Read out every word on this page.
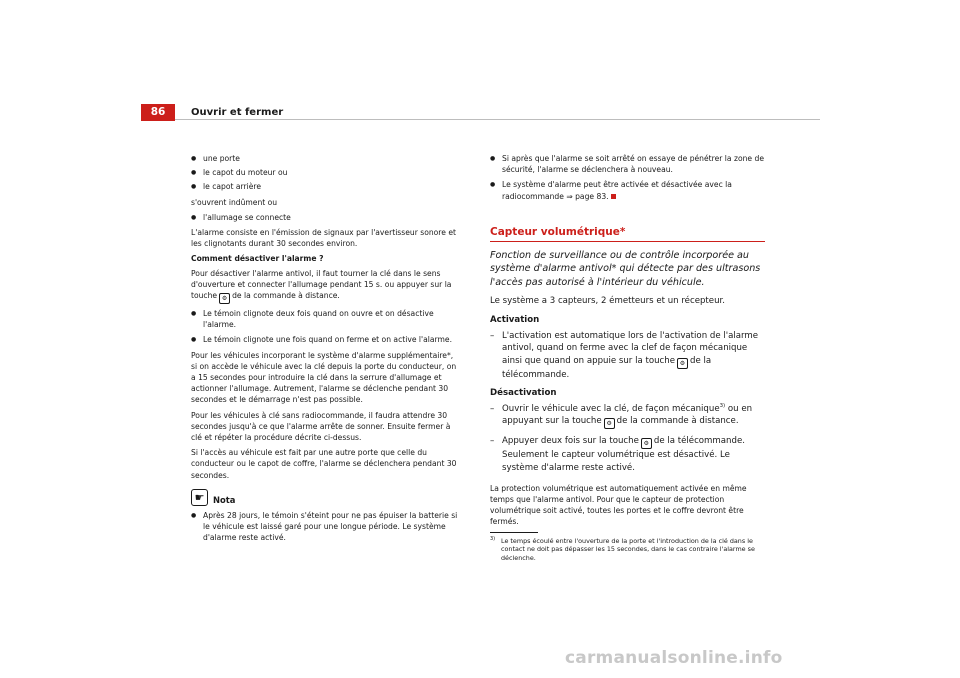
86	Ouvrir et fermer

● une porte

● le capot du moteur ou

● le capot arrière

s'ouvrent indûment ou

● l'allumage se connecte

L'alarme consiste en l'émission de signaux par l'avertisseur sonore et les clignotants durant 30 secondes environ.

Comment désactiver l'alarme ?

Pour désactiver l'alarme antivol, il faut tourner la clé dans le sens d'ouverture et connecter l'allumage pendant 15 s. ou appuyer sur la touche ⚙ de la commande à distance.

● Le témoin clignote deux fois quand on ouvre et on désactive l'alarme.

● Le témoin clignote une fois quand on ferme et on active l'alarme.

Pour les véhicules incorporant le système d'alarme supplémentaire*, si on accède le véhicule avec la clé depuis la porte du conducteur, on a 15 secondes pour introduire la clé dans la serrure d'allumage et actionner l'allumage. Autrement, l'alarme se déclenche pendant 30 secondes et le démarrage n'est pas possible.

Pour les véhicules à clé sans radiocommande, il faudra attendre 30 secondes jusqu'à ce que l'alarme arrête de sonner. Ensuite fermer à clé et répéter la procédure décrite ci-dessus.

Si l'accès au véhicule est fait par une autre porte que celle du conducteur ou le capot de coffre, l'alarme se déclenchera pendant 30 secondes.

☛	Nota

● Après 28 jours, le témoin s'éteint pour ne pas épuiser la batterie si le véhicule est laissé garé pour une longue période. Le système d'alarme reste activé.

● Si après que l'alarme se soit arrêté on essaye de pénétrer la zone de sécurité, l'alarme se déclenchera à nouveau.

● Le système d'alarme peut être activée et désactivée avec la radiocommande ⇒ page 83.

Capteur volumétrique*

Fonction de surveillance ou de contrôle incorporée au système d'alarme antivol* qui détecte par des ultrasons l'accès pas autorisé à l'intérieur du véhicule.

Le système a 3 capteurs, 2 émetteurs et un récepteur.

Activation

– L'activation est automatique lors de l'activation de l'alarme antivol, quand on ferme avec la clef de façon mécanique ainsi que quand on appuie sur la touche ⚙ de la télécommande.

Désactivation

– Ouvrir le véhicule avec la clé, de façon mécanique$^{3)}$ ou en appuyant sur la touche ⚙ de la commande à distance.

– Appuyer deux fois sur la touche ⚙ de la télécommande. Seulement le capteur volumétrique est désactivé. Le système d'alarme reste activé.

La protection volumétrique est automatiquement activée en même temps que l'alarme antivol. Pour que le capteur de protection volumétrique soit activé, toutes les portes et le coffre devront être fermés.

3) Le temps écoulé entre l'ouverture de la porte et l'introduction de la clé dans le contact ne doit pas dépasser les 15 secondes, dans le cas contraire l'alarme se déclenche.

carmanualsonline.info
